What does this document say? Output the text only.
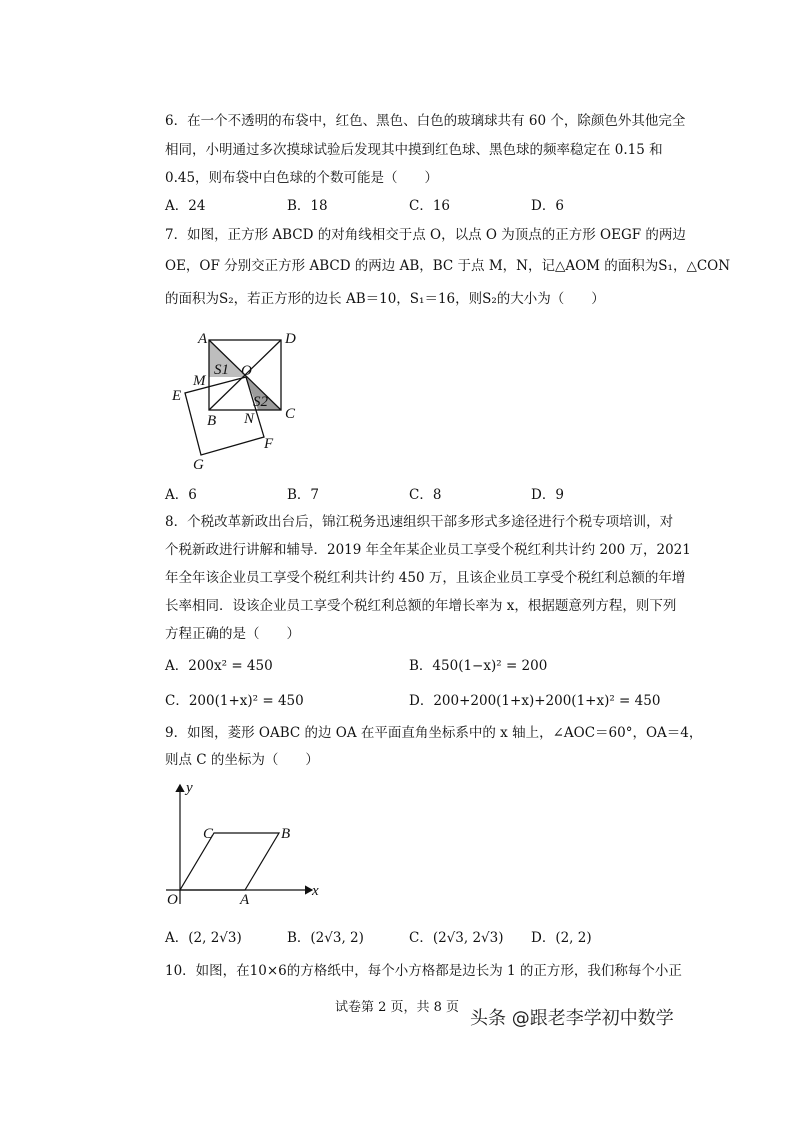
6．在一个不透明的布袋中，红色、黑色、白色的玻璃球共有 60 个，除颜色外其他完全
相同，小明通过多次摸球试验后发现其中摸到红色球、黑色球的频率稳定在 0.15 和
0.45，则布袋中白色球的个数可能是（　　）
A．24	B．18	C．16	D．6
7．如图，正方形 ABCD 的对角线相交于点 O，以点 O 为顶点的正方形 OEGF 的两边
OE，OF 分别交正方形 ABCD 的两边 AB，BC 于点 M，N，记△AOM 的面积为S₁，△CON
的面积为S₂，若正方形的边长 AB＝10，S₁＝16，则S₂的大小为（　　）
A	D
O
S1
M
E	S2
C
B N
F
G
A．6	B．7	C．8	D．9
8．个税改革新政出台后，锦江税务迅速组织干部多形式多途径进行个税专项培训，对
个税新政进行讲解和辅导．2019 年全年某企业员工享受个税红利共计约 200 万，2021
年全年该企业员工享受个税红利共计约 450 万，且该企业员工享受个税红利总额的年增
长率相同．设该企业员工享受个税红利总额的年增长率为 x，根据题意列方程，则下列
方程正确的是（　　）
A．200x² = 450	B．450(1−x)² = 200
C．200(1+x)² = 450	D．200+200(1+x)+200(1+x)² = 450
9．如图，菱形 OABC 的边 OA 在平面直角坐标系中的 x 轴上，∠AOC＝60°，OA＝4，
则点 C 的坐标为（　　）
y
x
O	A
B
C
A．(2, 2√3)	B．(2√3, 2)	C．(2√3, 2√3) D．(2, 2)
10．如图，在10×6的方格纸中，每个小方格都是边长为 1 的正方形，我们称每个小正
试卷第 2 页，共 8 页
头条 @跟老李学初中数学
